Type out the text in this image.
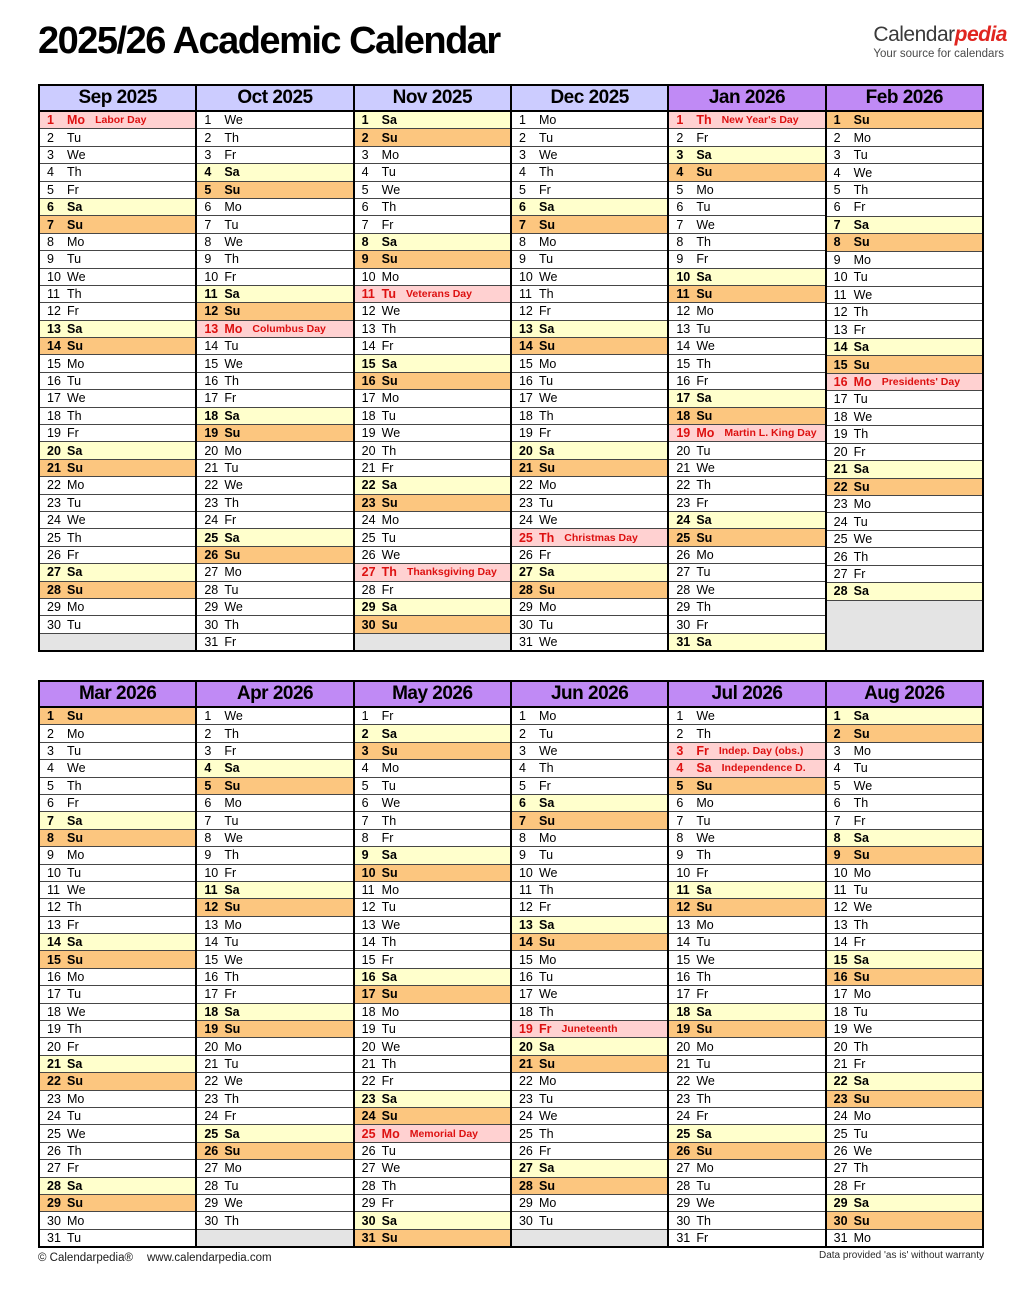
2025/26 Academic Calendar	Calendarpedia
Your source for calendars
Sep 2025
1	Mo Labor Day
2	Tu
3	We
4	Th
5	Fr
6	Sa
7	Su
8	Mo
9	Tu
10 We
11 Th
12 Fr
13 Sa
14 Su
15 Mo
16 Tu
17 We
18 Th
19 Fr
20 Sa
21 Su
22 Mo
23 Tu
24 We
25 Th
26 Fr
27 Sa
28 Su
29 Mo
30 Tu
Oct 2025
1	We
2	Th
3	Fr
4	Sa
5	Su
6	Mo
7	Tu
8	We
9	Th
10 Fr
11 Sa
12 Su
13 Mo Columbus Day
14 Tu
15 We
16 Th
17 Fr
18 Sa
19 Su
20 Mo
21 Tu
22 We
23 Th
24 Fr
25 Sa
26 Su
27 Mo
28 Tu
29 We
30 Th
31 Fr
Nov 2025
1	Sa
2	Su
3	Mo
4	Tu
5	We
6	Th
7	Fr
8	Sa
9	Su
10 Mo
11 Tu Veterans Day
12 We
13 Th
14 Fr
15 Sa
16 Su
17 Mo
18 Tu
19 We
20 Th
21 Fr
22 Sa
23 Su
24 Mo
25 Tu
26 We
27 Th Thanksgiving Day
28 Fr
29 Sa
30 Su
Dec 2025
1	Mo
2	Tu
3	We
4	Th
5	Fr
6	Sa
7	Su
8	Mo
9	Tu
10 We
11 Th
12 Fr
13 Sa
14 Su
15 Mo
16 Tu
17 We
18 Th
19 Fr
20 Sa
21 Su
22 Mo
23 Tu
24 We
25 Th Christmas Day
26 Fr
27 Sa
28 Su
29 Mo
30 Tu
31 We
Jan 2026
1	Th New Year's Day
2	Fr
3	Sa
4	Su
5	Mo
6	Tu
7	We
8	Th
9	Fr
10 Sa
11 Su
12 Mo
13 Tu
14 We
15 Th
16 Fr
17 Sa
18 Su
19 Mo Martin L. King Day
20 Tu
21 We
22 Th
23 Fr
24 Sa
25 Su
26 Mo
27 Tu
28 We
29 Th
30 Fr
31 Sa
Feb 2026
1	Su
2	Mo
3	Tu
4	We
5	Th
6	Fr
7	Sa
8	Su
9	Mo
10 Tu
11 We
12 Th
13 Fr
14 Sa
15 Su
16 Mo Presidents' Day
17 Tu
18 We
19 Th
20 Fr
21 Sa
22 Su
23 Mo
24 Tu
25 We
26 Th
27 Fr
28 Sa
Mar 2026
1	Su
2	Mo
3	Tu
4	We
5	Th
6	Fr
7	Sa
8	Su
9	Mo
10 Tu
11 We
12 Th
13 Fr
14 Sa
15 Su
16 Mo
17 Tu
18 We
19 Th
20 Fr
21 Sa
22 Su
23 Mo
24 Tu
25 We
26 Th
27 Fr
28 Sa
29 Su
30 Mo
31 Tu
Apr 2026
1	We
2	Th
3	Fr
4	Sa
5	Su
6	Mo
7	Tu
8	We
9	Th
10 Fr
11 Sa
12 Su
13 Mo
14 Tu
15 We
16 Th
17 Fr
18 Sa
19 Su
20 Mo
21 Tu
22 We
23 Th
24 Fr
25 Sa
26 Su
27 Mo
28 Tu
29 We
30 Th
May 2026
1	Fr
2	Sa
3	Su
4	Mo
5	Tu
6	We
7	Th
8	Fr
9	Sa
10 Su
11 Mo
12 Tu
13 We
14 Th
15 Fr
16 Sa
17 Su
18 Mo
19 Tu
20 We
21 Th
22 Fr
23 Sa
24 Su
25 Mo Memorial Day
26 Tu
27 We
28 Th
29 Fr
30 Sa
31 Su
Jun 2026
1	Mo
2	Tu
3	We
4	Th
5	Fr
6	Sa
7	Su
8	Mo
9	Tu
10 We
11 Th
12 Fr
13 Sa
14 Su
15 Mo
16 Tu
17 We
18 Th
19 Fr Juneteenth
20 Sa
21 Su
22 Mo
23 Tu
24 We
25 Th
26 Fr
27 Sa
28 Su
29 Mo
30 Tu
Jul 2026
1	We
2	Th
3	Fr Indep. Day (obs.)
4	Sa Independence D.
5	Su
6	Mo
7	Tu
8	We
9	Th
10 Fr
11 Sa
12 Su
13 Mo
14 Tu
15 We
16 Th
17 Fr
18 Sa
19 Su
20 Mo
21 Tu
22 We
23 Th
24 Fr
25 Sa
26 Su
27 Mo
28 Tu
29 We
30 Th
31 Fr
Aug 2026
1	Sa
2	Su
3	Mo
4	Tu
5	We
6	Th
7	Fr
8	Sa
9	Su
10 Mo
11 Tu
12 We
13 Th
14 Fr
15 Sa
16 Su
17 Mo
18 Tu
19 We
20 Th
21 Fr
22 Sa
23 Su
24 Mo
25 Tu
26 We
27 Th
28 Fr
29 Sa
30 Su
31 Mo
© Calendarpedia® www.calendarpedia.com	Data provided 'as is' without warranty
